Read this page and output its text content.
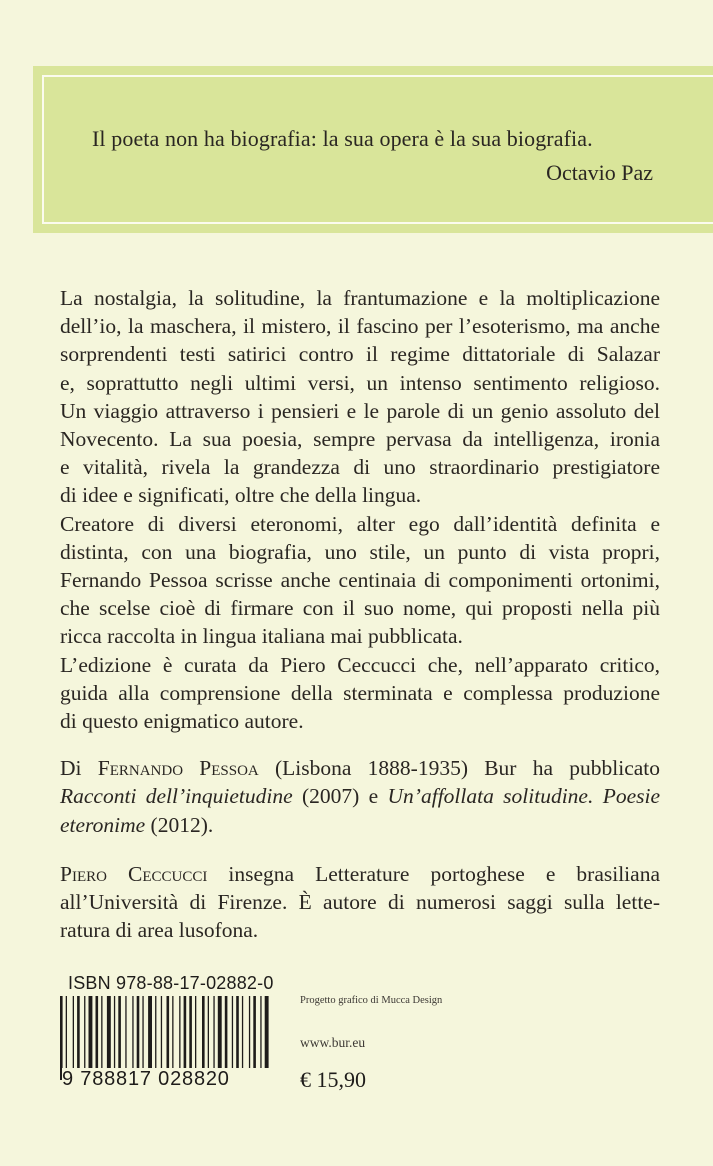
Il poeta non ha biografia: la sua opera è la sua biografia.
Octavio Paz

La nostalgia, la solitudine, la frantumazione e la moltiplicazione

dell’io, la maschera, il mistero, il fascino per l’esoterismo, ma anche

sorprendenti testi satirici contro il regime dittatoriale di Salazar

e, soprattutto negli ultimi versi, un intenso sentimento religioso.

Un viaggio attraverso i pensieri e le parole di un genio assoluto del

Novecento. La sua poesia, sempre pervasa da intelligenza, ironia

e vitalità, rivela la grandezza di uno straordinario prestigiatore

di idee e significati, oltre che della lingua.

Creatore di diversi eteronomi, alter ego dall’identità definita e

distinta, con una biografia, uno stile, un punto di vista propri,

Fernando Pessoa scrisse anche centinaia di componimenti ortonimi,

che scelse cioè di firmare con il suo nome, qui proposti nella più

ricca raccolta in lingua italiana mai pubblicata.

L’edizione è curata da Piero Ceccucci che, nell’apparato critico,

guida alla comprensione della sterminata e complessa produzione

di questo enigmatico autore.

Di Fernando Pessoa (Lisbona 1888-1935) Bur ha pubblicato

Racconti dell’inquietudine (2007) e Un’affollata solitudine. Poesie

eteronime (2012).

Piero Ceccucci insegna Letterature portoghese e brasiliana

all’Università di Firenze. È autore di numerosi saggi sulla lette-

ratura di area lusofona.

ISBN 978-88-17-02882-0
9 788817 028820
Progetto grafico di Mucca Design
www.bur.eu
€ 15,90
